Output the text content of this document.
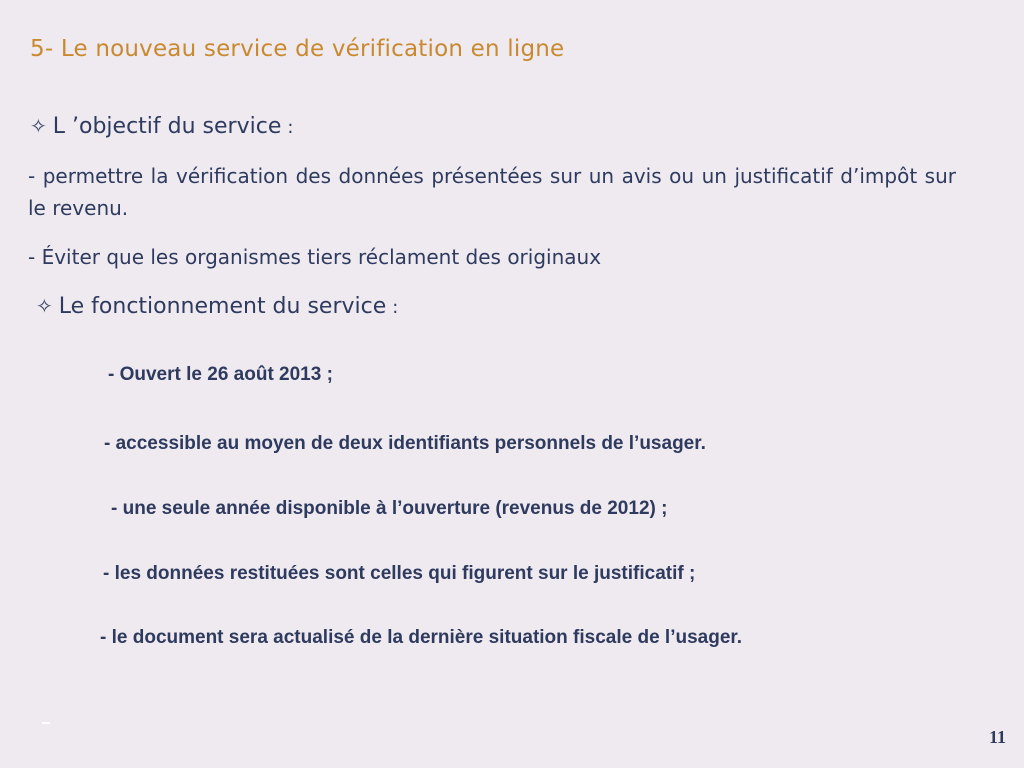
5- Le nouveau service de vérification en ligne
✧ L ’objectif du service :

- permettre la vérification des données présentées sur un avis ou un justificatif d’impôt sur le revenu.

- Éviter que les organismes tiers réclament des originaux

✧ Le fonctionnement du service :
- Ouvert le 26 août 2013 ;
- accessible au moyen de deux identifiants personnels de l’usager.
- une seule année disponible à l’ouverture (revenus de 2012) ;
- les données restituées sont celles qui figurent sur le justificatif ;
- le document sera actualisé de la dernière situation fiscale de l’usager.
11
